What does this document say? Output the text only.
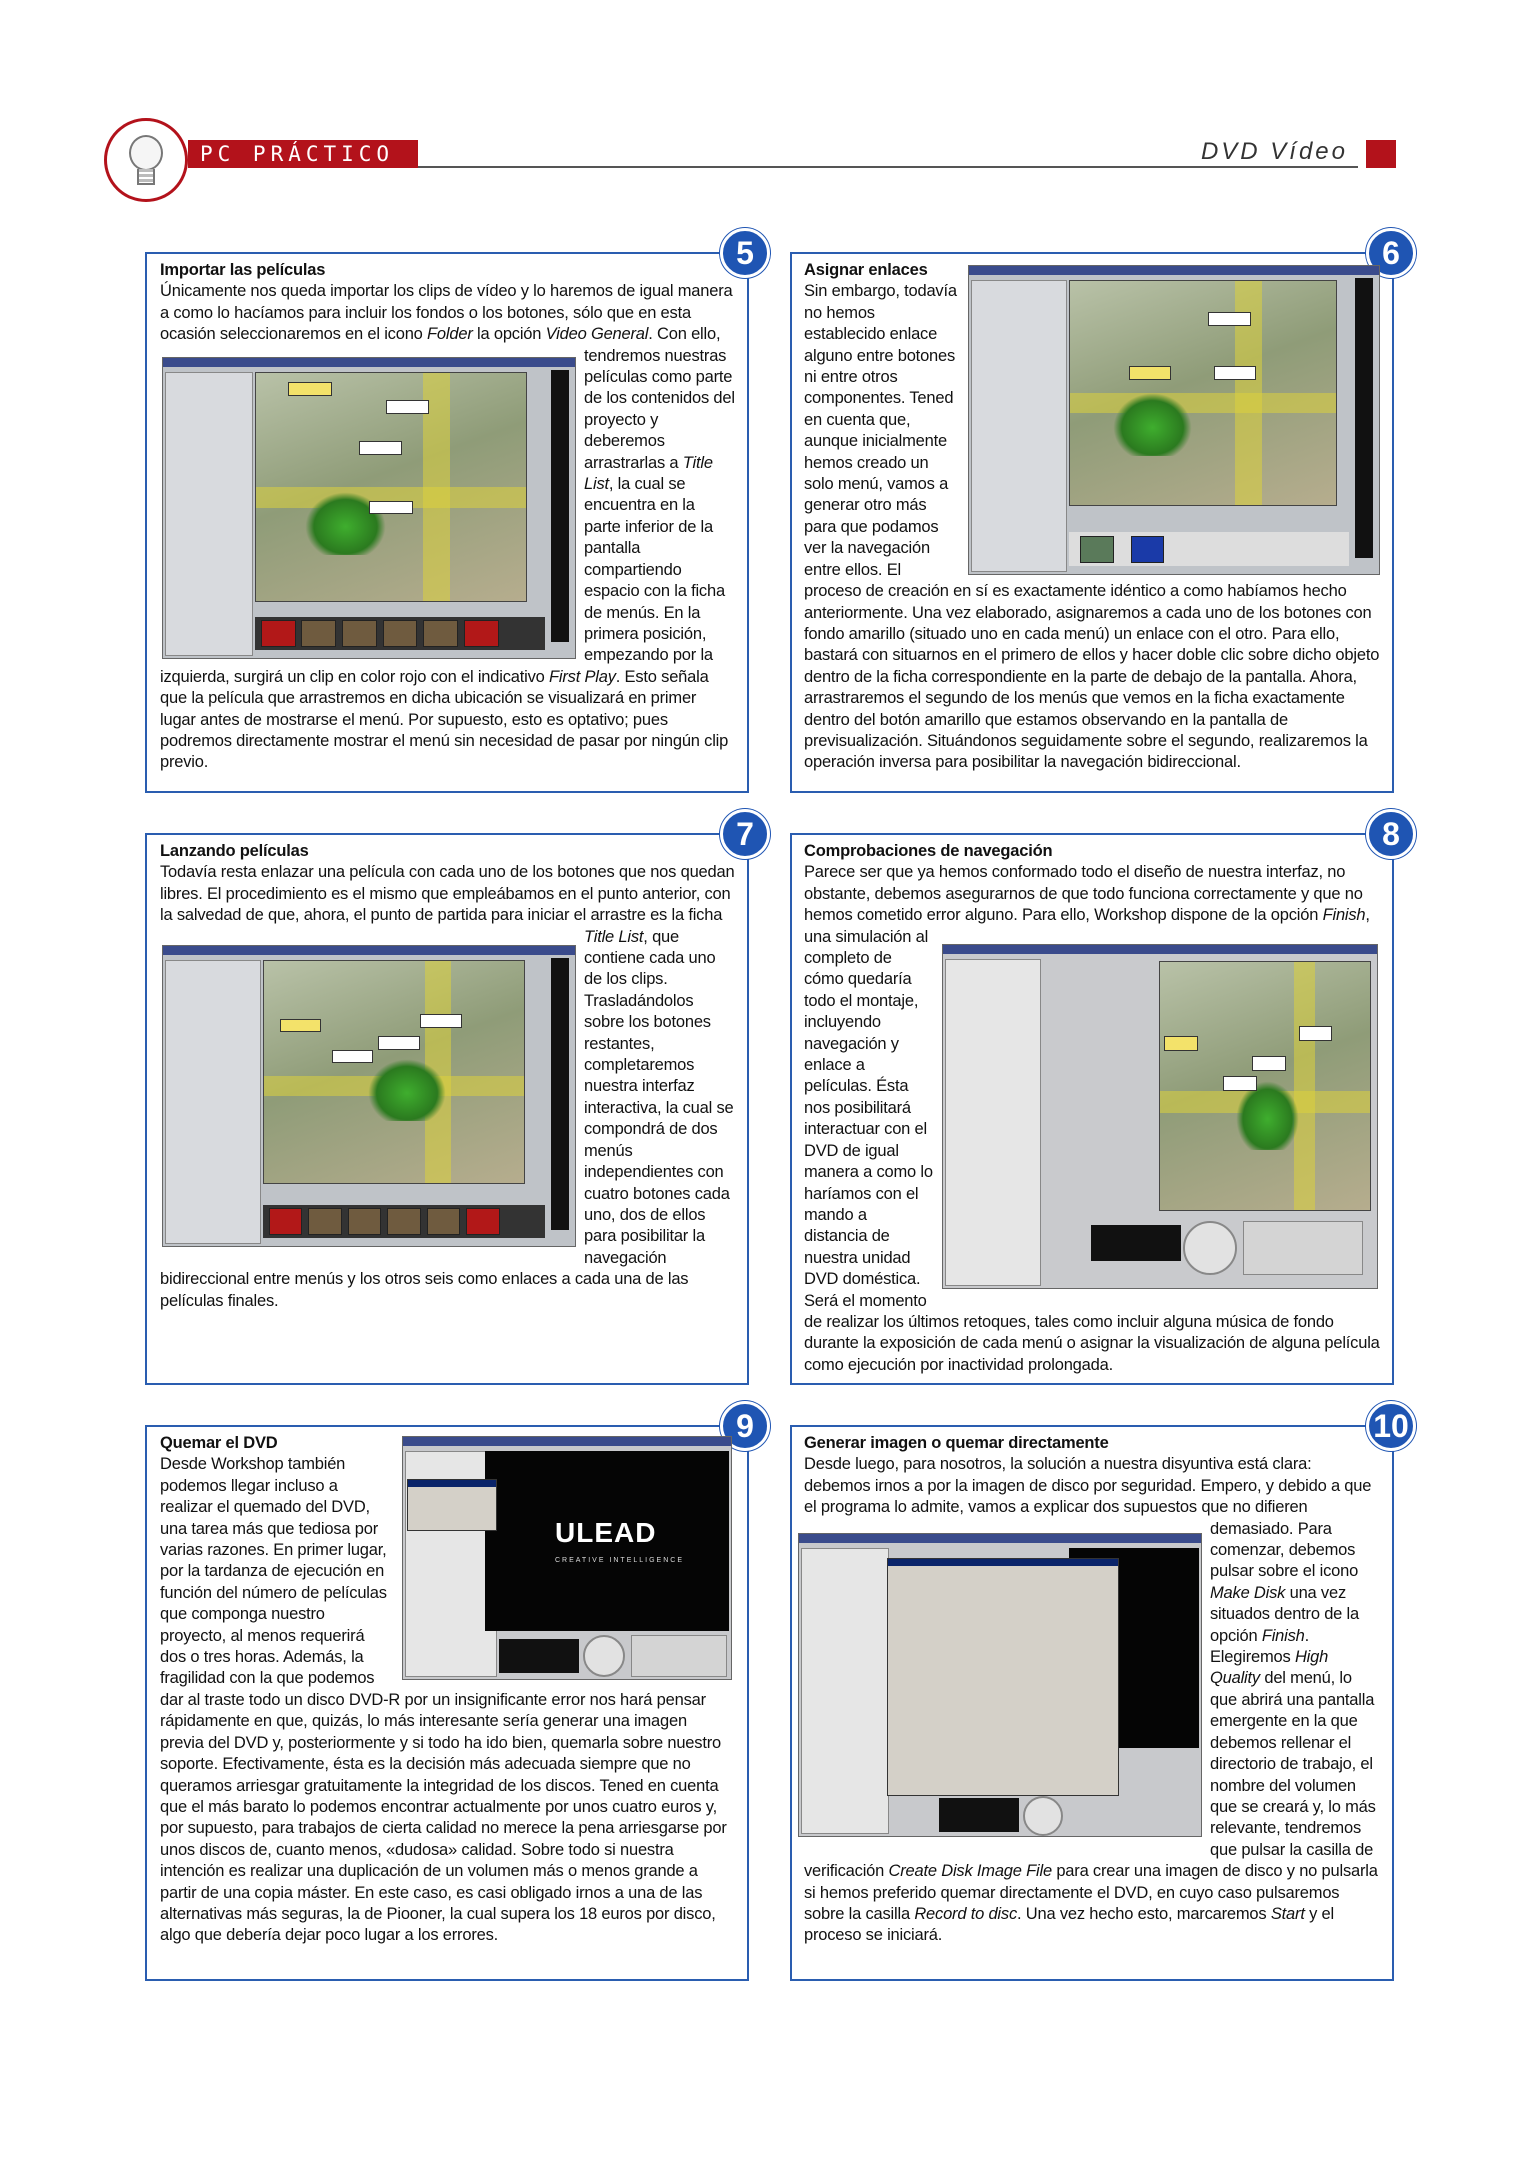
PC PRÁCTICO	DVD Vídeo
5
Importar las películas
Únicamente nos queda importar los clips de vídeo y lo haremos de igual manera a como lo hacíamos para incluir los fondos o los botones, sólo que en esta ocasión seleccionaremos en el icono Folder la opción Video General. Con ello, tendremos nuestras películas como parte de los contenidos del proyecto y deberemos arrastrarlas a Title List, la cual se encuentra en la parte inferior de la pantalla compartiendo espacio con la ficha de menús. En la primera posición, empezando por la izquierda, surgirá un clip en color rojo con el indicativo First Play. Esto señala que la película que arrastremos en dicha ubicación se visualizará en primer lugar antes de mostrarse el menú. Por supuesto, esto es optativo; pues podremos directamente mostrar el menú sin necesidad de pasar por ningún clip previo.
6
Asignar enlaces
Sin embargo, todavía no hemos establecido enlace alguno entre botones ni entre otros componentes. Tened en cuenta que, aunque inicialmente hemos creado un solo menú, vamos a generar otro más para que podamos ver la navegación entre ellos. El proceso de creación en sí es exactamente idéntico a como habíamos hecho anteriormente. Una vez elaborado, asignaremos a cada uno de los botones con fondo amarillo (situado uno en cada menú) un enlace con el otro. Para ello, bastará con situarnos en el primero de ellos y hacer doble clic sobre dicho objeto dentro de la ficha correspondiente en la parte de debajo de la pantalla. Ahora, arrastraremos el segundo de los menús que vemos en la ficha exactamente dentro del botón amarillo que estamos observando en la pantalla de previsualización. Situándonos seguidamente sobre el segundo, realizaremos la operación inversa para posibilitar la navegación bidireccional.
7
Lanzando películas
Todavía resta enlazar una película con cada uno de los botones que nos quedan libres. El procedimiento es el mismo que empleábamos en el punto anterior, con la salvedad de que, ahora, el punto de partida para iniciar el arrastre es la ficha Title List, que contiene cada uno de los clips. Trasladándolos sobre los botones restantes, completaremos nuestra interfaz interactiva, la cual se compondrá de dos menús independientes con cuatro botones cada uno, dos de ellos para posibilitar la navegación bidireccional entre menús y los otros seis como enlaces a cada una de las películas finales.
8
Comprobaciones de navegación
Parece ser que ya hemos conformado todo el diseño de nuestra interfaz, no obstante, debemos asegurarnos de que todo funciona correctamente y que no hemos cometido error alguno. Para ello, Workshop dispone de la opción Finish, una simulación al completo de cómo quedaría todo el montaje, incluyendo navegación y enlace a películas. Ésta nos posibilitará interactuar con el DVD de igual manera a como lo haríamos con el mando a distancia de nuestra unidad DVD doméstica. Será el momento de realizar los últimos retoques, tales como incluir alguna música de fondo durante la exposición de cada menú o asignar la visualización de alguna película como ejecución por inactividad prolongada.
9
ULEAD
CREATIVE INTELLIGENCE
Quemar el DVD
Desde Workshop también podemos llegar incluso a realizar el quemado del DVD, una tarea más que tediosa por varias razones. En primer lugar, por la tardanza de ejecución en función del número de películas que componga nuestro proyecto, al menos requerirá dos o tres horas. Además, la fragilidad con la que podemos dar al traste todo un disco DVD-R por un insignificante error nos hará pensar rápidamente en que, quizás, lo más interesante sería generar una imagen previa del DVD y, posteriormente y si todo ha ido bien, quemarla sobre nuestro soporte. Efectivamente, ésta es la decisión más adecuada siempre que no queramos arriesgar gratuitamente la integridad de los discos. Tened en cuenta que el más barato lo podemos encontrar actualmente por unos cuatro euros y, por supuesto, para trabajos de cierta calidad no merece la pena arriesgarse por unos discos de, cuanto menos, «dudosa» calidad. Sobre todo si nuestra intención es realizar una duplicación de un volumen más o menos grande a partir de una copia máster. En este caso, es casi obligado irnos a una de las alternativas más seguras, la de Piooner, la cual supera los 18 euros por disco, algo que debería dejar poco lugar a los errores.
10
Generar imagen o quemar directamente
Desde luego, para nosotros, la solución a nuestra disyuntiva está clara: debemos irnos a por la imagen de disco por seguridad. Empero, y debido a que el programa lo admite, vamos a explicar dos supuestos que no difieren demasiado. Para comenzar, debemos pulsar sobre el icono Make Disk una vez situados dentro de la opción Finish. Elegiremos High Quality del menú, lo que abrirá una pantalla emergente en la que debemos rellenar el directorio de trabajo, el nombre del volumen que se creará y, lo más relevante, tendremos que pulsar la casilla de verificación Create Disk Image File para crear una imagen de disco y no pulsarla si hemos preferido quemar directamente el DVD, en cuyo caso pulsaremos sobre la casilla Record to disc. Una vez hecho esto, marcaremos Start y el proceso se iniciará.
